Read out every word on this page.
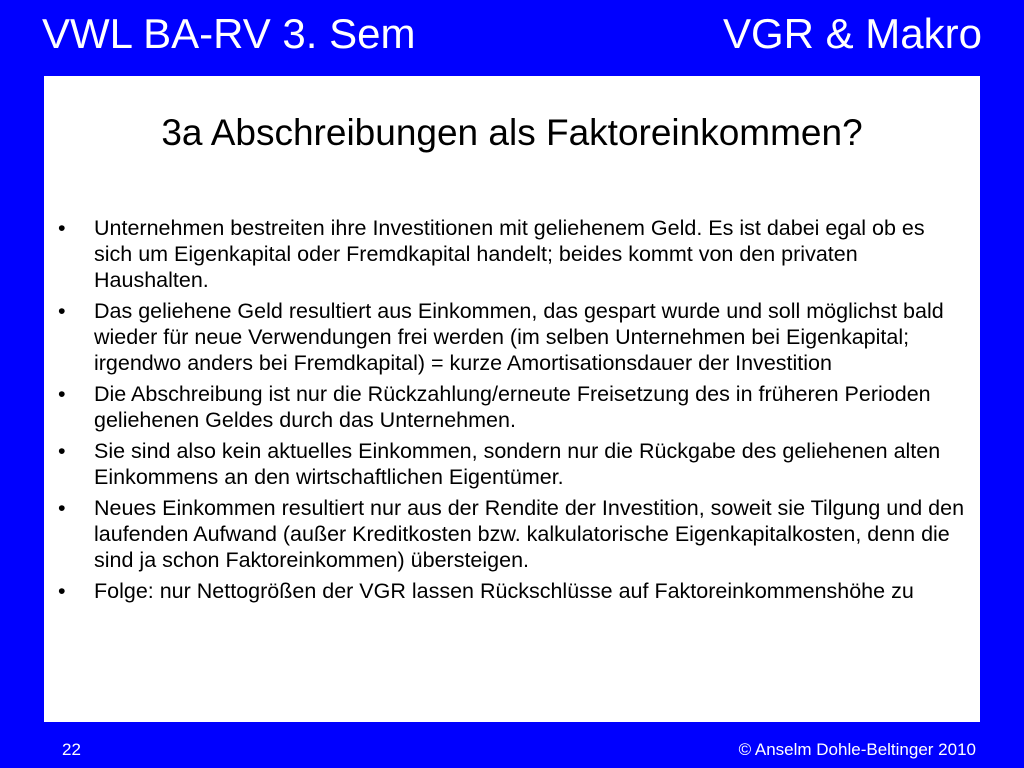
VWL BA-RV 3. Sem	VGR & Makro
3a Abschreibungen als Faktoreinkommen?
• Unternehmen bestreiten ihre Investitionen mit geliehenem Geld. Es ist dabei egal ob es sich um Eigenkapital oder Fremdkapital handelt; beides kommt von den privaten Haushalten.
• Das geliehene Geld resultiert aus Einkommen, das gespart wurde und soll möglichst bald wieder für neue Verwendungen frei werden (im selben Unternehmen bei Eigenkapital; irgendwo anders bei Fremdkapital) = kurze Amortisationsdauer der Investition
• Die Abschreibung ist nur die Rückzahlung/erneute Freisetzung des in früheren Perioden geliehenen Geldes durch das Unternehmen.
• Sie sind also kein aktuelles Einkommen, sondern nur die Rückgabe des geliehenen alten Einkommens an den wirtschaftlichen Eigentümer.
• Neues Einkommen resultiert nur aus der Rendite der Investition, soweit sie Tilgung und den laufenden Aufwand (außer Kreditkosten bzw. kalkulatorische Eigenkapitalkosten, denn die sind ja schon Faktoreinkommen) übersteigen.
• Folge: nur Nettogrößen der VGR lassen Rückschlüsse auf Faktoreinkommenshöhe zu
22	© Anselm Dohle-Beltinger 2010
